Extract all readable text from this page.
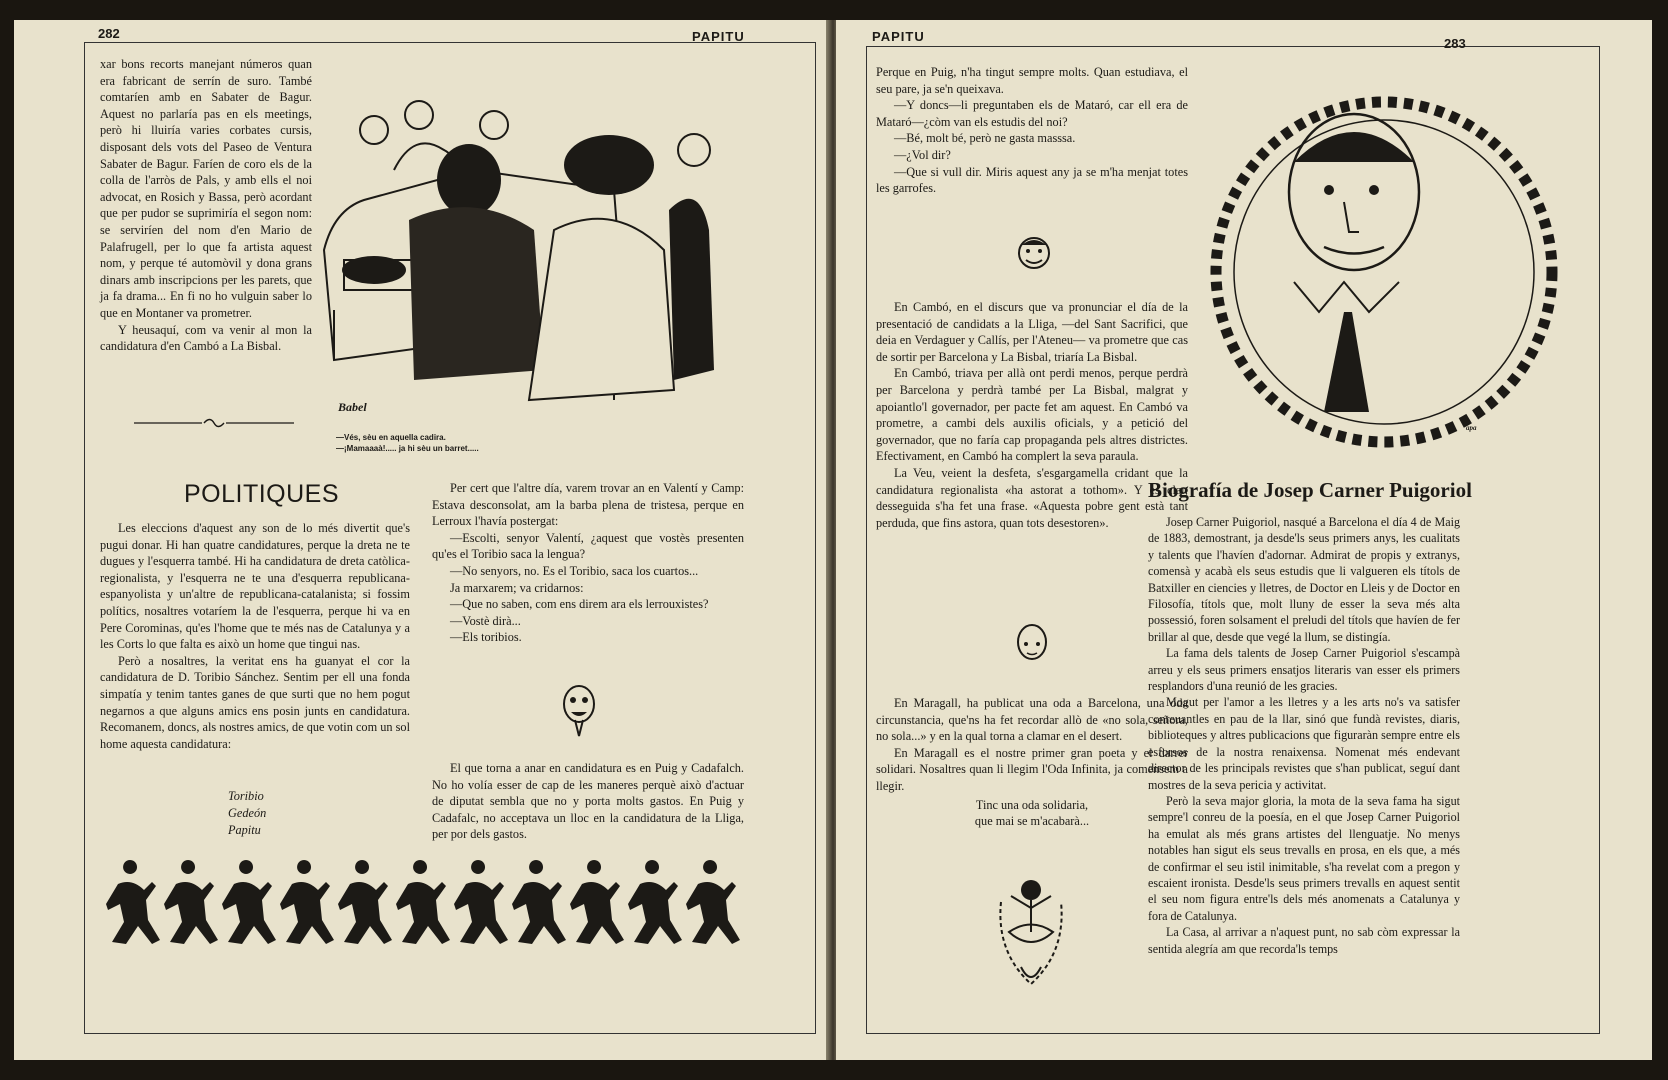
282	PAPITU

xar bons recorts manejant números quan era fabricant de serrín de suro. També comtaríen amb en Sabater de Bagur. Aquest no parlaría pas en els meetings, però hi lluiría varies corbates cursis, disposant dels vots del Paseo de Ventura Sabater de Bagur. Faríen de coro els de la colla de l'arròs de Pals, y amb ells el noi advocat, en Rosich y Bassa, però acordant que per pudor se suprimiría el segon nom: se serviríen del nom d'en Mario de Palafrugell, per lo que fa artista aquest nom, y perque té automòvil y dona grans dinars amb inscripcions per les parets, que ja fa drama... En fi no ho vulguin saber lo que en Montaner va prometrer.

Y heusaquí, com va venir al mon la candidatura d'en Cambó a La Bisbal.

Babel
—Vés, sèu en aquella cadira.
—¡Mamaaaà!..... ja hi sèu un barret.....
POLITIQUES

Les eleccions d'aquest any son de lo més divertit que's pugui donar. Hi han quatre candidatures, perque la dreta ne te dugues y l'esquerra també. Hi ha candidatura de dreta catòlica-regionalista, y l'esquerra ne te una d'esquerra republicana-espanyolista y un'altre de republicana-catalanista; si fossim polítics, nosaltres votaríem la de l'esquerra, perque hi va en Pere Corominas, qu'es l'home que te més nas de Catalunya y a les Corts lo que falta es això un home que tingui nas.

Però a nosaltres, la veritat ens ha guanyat el cor la candidatura de D. Toribio Sánchez. Sentim per ell una fonda simpatía y tenim tantes ganes de que surti que no hem pogut negarnos a que alguns amics ens posin junts en candidatura. Recomanem, doncs, als nostres amics, de que votin com un sol home aquesta candidatura:

Toribio
Gedeón
Papitu

Per cert que l'altre día, varem trovar an en Valentí y Camp: Estava desconsolat, am la barba plena de tristesa, perque en Lerroux l'havía postergat:

—Escolti, senyor Valentí, ¿aquest que vostès presenten qu'es el Toribio saca la lengua?

—No senyors, no. Es el Toribio, saca los cuartos...

Ja marxarem; va cridarnos:

—Que no saben, com ens direm ara els lerrouxistes?

—Vostè dirà...

—Els toribios.

El que torna a anar en candidatura es en Puig y Cadafalch. No ho volía esser de cap de les maneres perquè això d'actuar de diputat sembla que no y porta molts gastos. En Puig y Cadafalc, no acceptava un lloc en la candidatura de la Lliga, per por dels gastos.

PAPITU	283

Perque en Puig, n'ha tingut sempre molts. Quan estudiava, el seu pare, ja se'n queixava.

—Y doncs—li preguntaben els de Mataró, car ell era de Mataró—¿còm van els estudis del noi?

—Bé, molt bé, però ne gasta masssa.

—¿Vol dir?

—Que si vull dir. Miris aquest any ja se m'ha menjat totes les garrofes.

En Cambó, en el discurs que va pronunciar el día de la presentació de candidats a la Lliga, —del Sant Sacrifici, que deia en Verdaguer y Callís, per l'Ateneu— va prometre que cas de sortir per Barcelona y La Bisbal, triaría La Bisbal.

En Cambó, triava per allà ont perdi menos, perque perdrà per Barcelona y perdrà també per La Bisbal, malgrat y apoiantlo'l governador, per pacte fet am aquest. En Cambó va prometre, a cambi dels auxilis oficials, y a petició del governador, que no faría cap propaganda pels altres districtes. Efectivament, en Cambó ha complert la seva paraula.

La Veu, veient la desfeta, s'esgargamella cridant que la candidatura regionalista «ha astorat a tothom». Y es clar, desseguida s'ha fet una frase. «Aquesta pobre gent està tant perduda, que fins astora, quan tots desestoren».

En Maragall, ha publicat una oda a Barcelona, una oda circunstancia, que'ns ha fet recordar allò de «no sola, señora, no sola...» y en la qual torna a clamar en el desert.

En Maragall es el nostre primer gran poeta y el darrer solidari. Nosaltres quan li llegim l'Oda Infinita, ja comensem a llegir.

Tinc una oda solidaria,

que mai se m'acabarà...

apa
Biografía de Josep Carner Puigoriol

Josep Carner Puigoriol, nasqué a Barcelona el día 4 de Maig de 1883, demostrant, ja desde'ls seus primers anys, les cualitats y talents que l'havíen d'adornar. Admirat de propis y extranys, comensà y acabà els seus estudis que li valgueren els títols de Batxiller en ciencies y lletres, de Doctor en Lleis y de Doctor en Filosofía, títols que, molt lluny de esser la seva més alta possessió, foren solsament el preludi del títols que havíen de fer brillar al que, desde que vegé la llum, se distingía.

La fama dels talents de Josep Carner Puigoriol s'escampà arreu y els seus primers ensatjos literaris van esser els primers resplandors d'una reunió de les gracies.

Mogut per l'amor a les lletres y a les arts no's va satisfer conreuantles en pau de la llar, sinó que fundà revistes, diaris, biblioteques y altres publicacions que figuraràn sempre entre els esforsos de la nostra renaixensa. Nomenat més endevant director de les principals revistes que s'han publicat, seguí dant mostres de la seva pericia y activitat.

Però la seva major gloria, la mota de la seva fama ha sigut sempre'l conreu de la poesía, en el que Josep Carner Puigoriol ha emulat als més grans artistes del llenguatje. No menys notables han sigut els seus trevalls en prosa, en els que, a més de confirmar el seu istil inimitable, s'ha revelat com a pregon y escaient ironista. Desde'ls seus primers trevalls en aquest sentit el seu nom figura entre'ls dels més anomenats a Catalunya y fora de Catalunya.

La Casa, al arrivar a n'aquest punt, no sab còm expressar la sentida alegría am que recorda'ls temps
